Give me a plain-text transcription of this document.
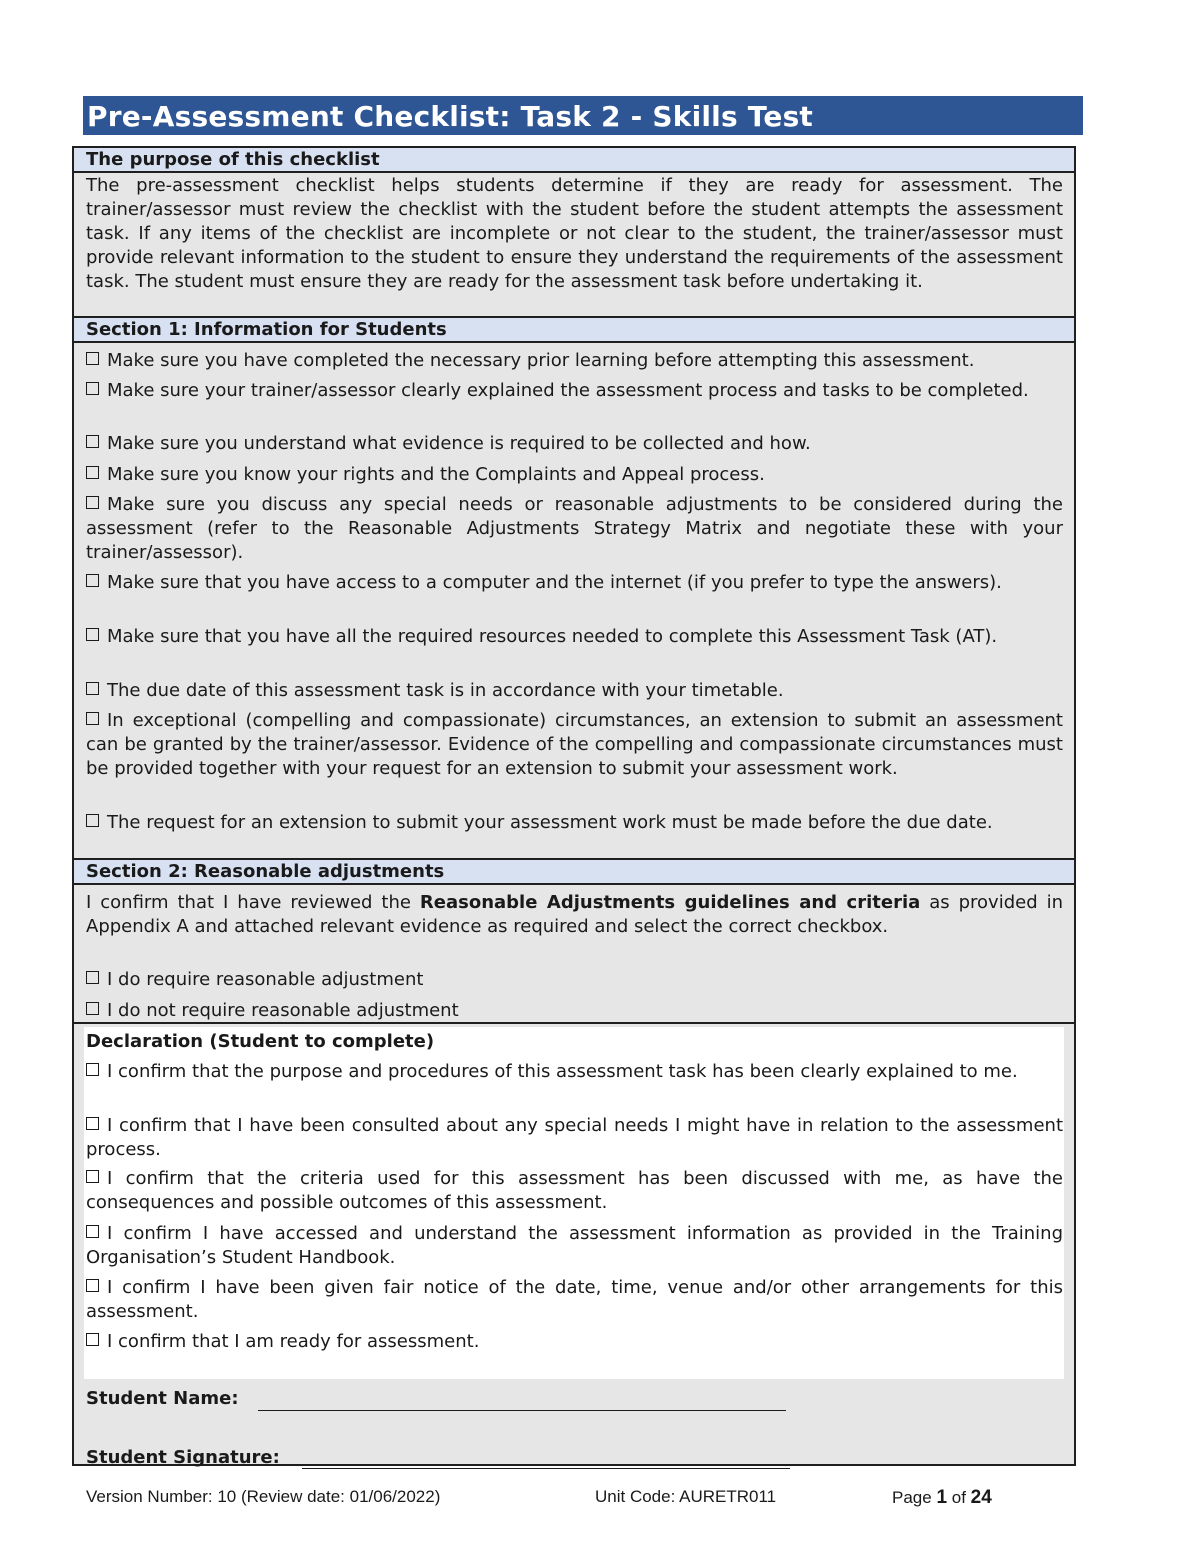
Pre-Assessment Checklist: Task 2 - Skills Test
The purpose of this checklist
The pre-assessment checklist helps students determine if they are ready for assessment. The trainer/assessor must review the checklist with the student before the student attempts the assessment task. If any items of the checklist are incomplete or not clear to the student, the trainer/assessor must provide relevant information to the student to ensure they understand the requirements of the assessment task. The student must ensure they are ready for the assessment task before undertaking it.
Section 1: Information for Students
Make sure you have completed the necessary prior learning before attempting this assessment.
Make sure your trainer/assessor clearly explained the assessment process and tasks to be completed.
Make sure you understand what evidence is required to be collected and how.
Make sure you know your rights and the Complaints and Appeal process.
Make sure you discuss any special needs or reasonable adjustments to be considered during the assessment (refer to the Reasonable Adjustments Strategy Matrix and negotiate these with your trainer/assessor).
Make sure that you have access to a computer and the internet (if you prefer to type the answers).
Make sure that you have all the required resources needed to complete this Assessment Task (AT).
The due date of this assessment task is in accordance with your timetable.
In exceptional (compelling and compassionate) circumstances, an extension to submit an assessment can be granted by the trainer/assessor. Evidence of the compelling and compassionate circumstances must be provided together with your request for an extension to submit your assessment work.
The request for an extension to submit your assessment work must be made before the due date.
Section 2: Reasonable adjustments
I confirm that I have reviewed the Reasonable Adjustments guidelines and criteria as provided in Appendix A and attached relevant evidence as required and select the correct checkbox.
I do require reasonable adjustment
I do not require reasonable adjustment
Declaration (Student to complete)
I confirm that the purpose and procedures of this assessment task has been clearly explained to me.
I confirm that I have been consulted about any special needs I might have in relation to the assessment process.
I confirm that the criteria used for this assessment has been discussed with me, as have the consequences and possible outcomes of this assessment.
I confirm I have accessed and understand the assessment information as provided in the Training Organisation’s Student Handbook.
I confirm I have been given fair notice of the date, time, venue and/or other arrangements for this assessment.
I confirm that I am ready for assessment.
Student Name:
Student Signature:
Version Number: 10 (Review date: 01/06/2022)	Unit Code: AURETR011	Page 1 of 24
